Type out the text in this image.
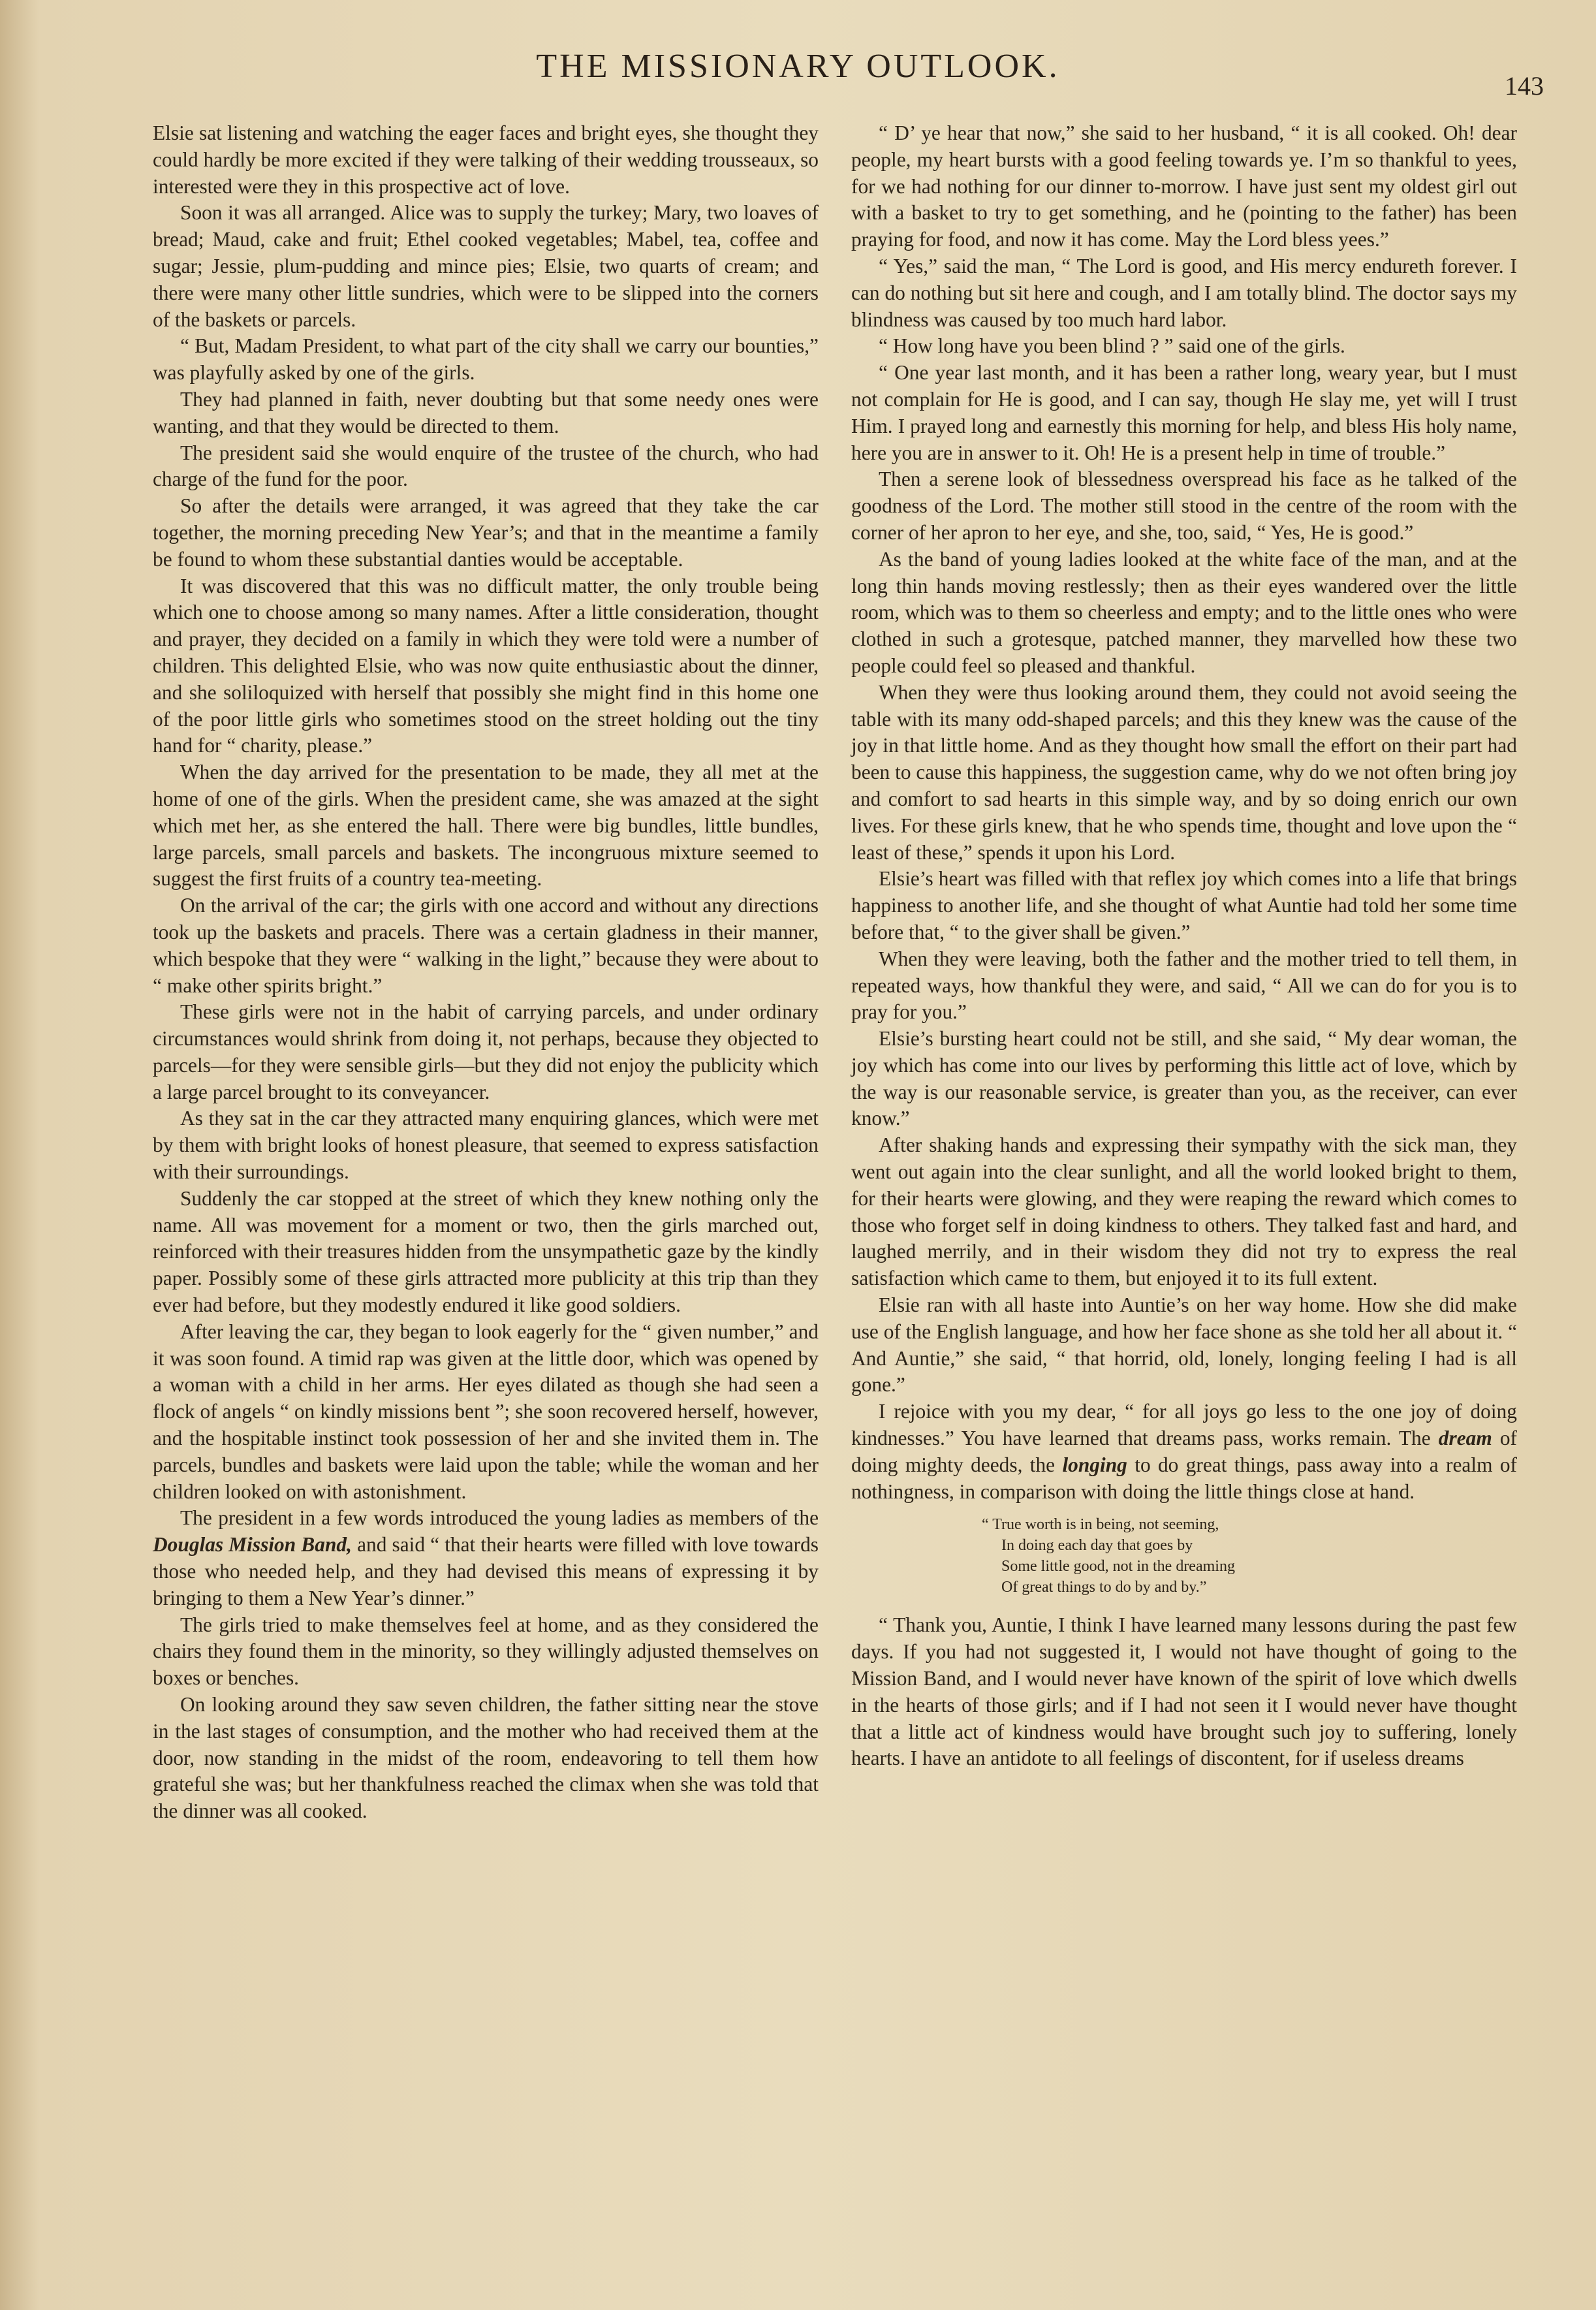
THE MISSIONARY OUTLOOK.
143

Elsie sat listening and watching the eager faces and bright eyes, she thought they could hardly be more excited if they were talking of their wedding trousseaux, so interested were they in this prospective act of love.

Soon it was all arranged. Alice was to supply the turkey; Mary, two loaves of bread; Maud, cake and fruit; Ethel cooked vegetables; Mabel, tea, coffee and sugar; Jessie, plum-pudding and mince pies; Elsie, two quarts of cream; and there were many other little sundries, which were to be slipped into the corners of the baskets or parcels.

“ But, Madam President, to what part of the city shall we carry our bounties,” was playfully asked by one of the girls.

They had planned in faith, never doubting but that some needy ones were wanting, and that they would be directed to them.

The president said she would enquire of the trustee of the church, who had charge of the fund for the poor.

So after the details were arranged, it was agreed that they take the car together, the morning preceding New Year’s; and that in the meantime a family be found to whom these substantial danties would be acceptable.

It was discovered that this was no difficult matter, the only trouble being which one to choose among so many names. After a little consideration, thought and prayer, they decided on a family in which they were told were a number of children. This delighted Elsie, who was now quite enthusiastic about the dinner, and she soliloquized with herself that possibly she might find in this home one of the poor little girls who sometimes stood on the street holding out the tiny hand for “ charity, please.”

When the day arrived for the presentation to be made, they all met at the home of one of the girls. When the president came, she was amazed at the sight which met her, as she entered the hall. There were big bundles, little bundles, large parcels, small parcels and baskets. The incongruous mixture seemed to suggest the first fruits of a country tea-meeting.

On the arrival of the car; the girls with one accord and without any directions took up the baskets and pracels. There was a certain gladness in their manner, which bespoke that they were “ walking in the light,” because they were about to “ make other spirits bright.”

These girls were not in the habit of carrying parcels, and under ordinary circumstances would shrink from doing it, not perhaps, because they objected to parcels—for they were sensible girls—but they did not enjoy the publicity which a large parcel brought to its conveyancer.

As they sat in the car they attracted many enquiring glances, which were met by them with bright looks of honest pleasure, that seemed to express satisfaction with their surroundings.

Suddenly the car stopped at the street of which they knew nothing only the name. All was movement for a moment or two, then the girls marched out, reinforced with their treasures hidden from the unsympathetic gaze by the kindly paper. Possibly some of these girls attracted more publicity at this trip than they ever had before, but they modestly endured it like good soldiers.

After leaving the car, they began to look eagerly for the “ given number,” and it was soon found. A timid rap was given at the little door, which was opened by a woman with a child in her arms. Her eyes dilated as though she had seen a flock of angels “ on kindly missions bent ”; she soon recovered herself, however, and the hospitable instinct took possession of her and she invited them in. The parcels, bundles and baskets were laid upon the table; while the woman and her children looked on with astonishment.

The president in a few words introduced the young ladies as members of the Douglas Mission Band, and said “ that their hearts were filled with love towards those who needed help, and they had devised this means of expressing it by bringing to them a New Year’s dinner.”

The girls tried to make themselves feel at home, and as they considered the chairs they found them in the minority, so they willingly adjusted themselves on boxes or benches.

On looking around they saw seven children, the father sitting near the stove in the last stages of consumption, and the mother who had received them at the door, now standing in the midst of the room, endeavoring to tell them how grateful she was; but her thankfulness reached the climax when she was told that the dinner was all cooked.

“ D’ ye hear that now,” she said to her husband, “ it is all cooked. Oh! dear people, my heart bursts with a good feeling towards ye. I’m so thankful to yees, for we had nothing for our dinner to-morrow. I have just sent my oldest girl out with a basket to try to get something, and he (pointing to the father) has been praying for food, and now it has come. May the Lord bless yees.”

“ Yes,” said the man, “ The Lord is good, and His mercy endureth forever. I can do nothing but sit here and cough, and I am totally blind. The doctor says my blindness was caused by too much hard labor.

“ How long have you been blind ? ” said one of the girls.

“ One year last month, and it has been a rather long, weary year, but I must not complain for He is good, and I can say, though He slay me, yet will I trust Him. I prayed long and earnestly this morning for help, and bless His holy name, here you are in answer to it. Oh! He is a present help in time of trouble.”

Then a serene look of blessedness overspread his face as he talked of the goodness of the Lord. The mother still stood in the centre of the room with the corner of her apron to her eye, and she, too, said, “ Yes, He is good.”

As the band of young ladies looked at the white face of the man, and at the long thin hands moving restlessly; then as their eyes wandered over the little room, which was to them so cheerless and empty; and to the little ones who were clothed in such a grotesque, patched manner, they marvelled how these two people could feel so pleased and thankful.

When they were thus looking around them, they could not avoid seeing the table with its many odd-shaped parcels; and this they knew was the cause of the joy in that little home. And as they thought how small the effort on their part had been to cause this happiness, the suggestion came, why do we not often bring joy and comfort to sad hearts in this simple way, and by so doing enrich our own lives. For these girls knew, that he who spends time, thought and love upon the “ least of these,” spends it upon his Lord.

Elsie’s heart was filled with that reflex joy which comes into a life that brings happiness to another life, and she thought of what Auntie had told her some time before that, “ to the giver shall be given.”

When they were leaving, both the father and the mother tried to tell them, in repeated ways, how thankful they were, and said, “ All we can do for you is to pray for you.”

Elsie’s bursting heart could not be still, and she said, “ My dear woman, the joy which has come into our lives by performing this little act of love, which by the way is our reasonable service, is greater than you, as the receiver, can ever know.”

After shaking hands and expressing their sympathy with the sick man, they went out again into the clear sunlight, and all the world looked bright to them, for their hearts were glowing, and they were reaping the reward which comes to those who forget self in doing kindness to others. They talked fast and hard, and laughed merrily, and in their wisdom they did not try to express the real satisfaction which came to them, but enjoyed it to its full extent.

Elsie ran with all haste into Auntie’s on her way home. How she did make use of the English language, and how her face shone as she told her all about it. “ And Auntie,” she said, “ that horrid, old, lonely, longing feeling I had is all gone.”

I rejoice with you my dear, “ for all joys go less to the one joy of doing kindnesses.” You have learned that dreams pass, works remain. The dream of doing mighty deeds, the longing to do great things, pass away into a realm of nothingness, in comparison with doing the little things close at hand.

“ True worth is in being, not seeming,
In doing each day that goes by
Some little good, not in the dreaming
Of great things to do by and by.”

“ Thank you, Auntie, I think I have learned many lessons during the past few days. If you had not suggested it, I would not have thought of going to the Mission Band, and I would never have known of the spirit of love which dwells in the hearts of those girls; and if I had not seen it I would never have thought that a little act of kindness would have brought such joy to suffering, lonely hearts. I have an antidote to all feelings of discontent, for if useless dreams
